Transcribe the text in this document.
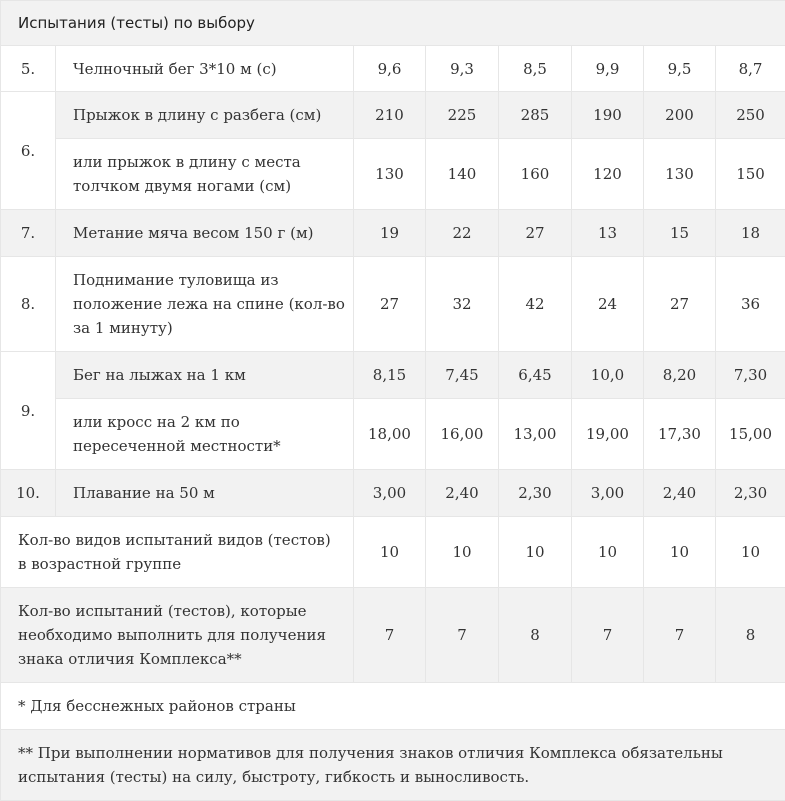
Испытания (тесты) по выбору							
5.	Челночный бег 3*10 м (с)	9,6	9,3	8,5	9,9	9,5	8,7
6.	Прыжок в длину с разбега (см)	210	225	285	190	200	250
	или прыжок в длину с места толчком двумя ногами (см)	130	140	160	120	130	150
7.	Метание мяча весом 150 г (м)	19	22	27	13	15	18
8.	Поднимание туловища из положение лежа на спине (кол-во за 1 минуту)	27	32	42	24	27	36
9.	Бег на лыжах на 1 км	8,15	7,45	6,45	10,0	8,20	7,30
	или кросс на 2 км по пересеченной местности*	18,00	16,00	13,00	19,00	17,30	15,00
10.	Плавание на 50 м	3,00	2,40	2,30	3,00	2,40	2,30
Кол-во видов испытаний видов (тестов) в возрастной группе		10	10	10	10	10	10
Кол-во испытаний (тестов), которые необходимо выполнить для получения знака отличия Комплекса**		7	7	8	7	7	8
* Для бесснежных районов страны							
** При выполнении нормативов для получения знаков отличия Комплекса обязательны испытания (тесты) на силу, быстроту, гибкость и выносливость.							
